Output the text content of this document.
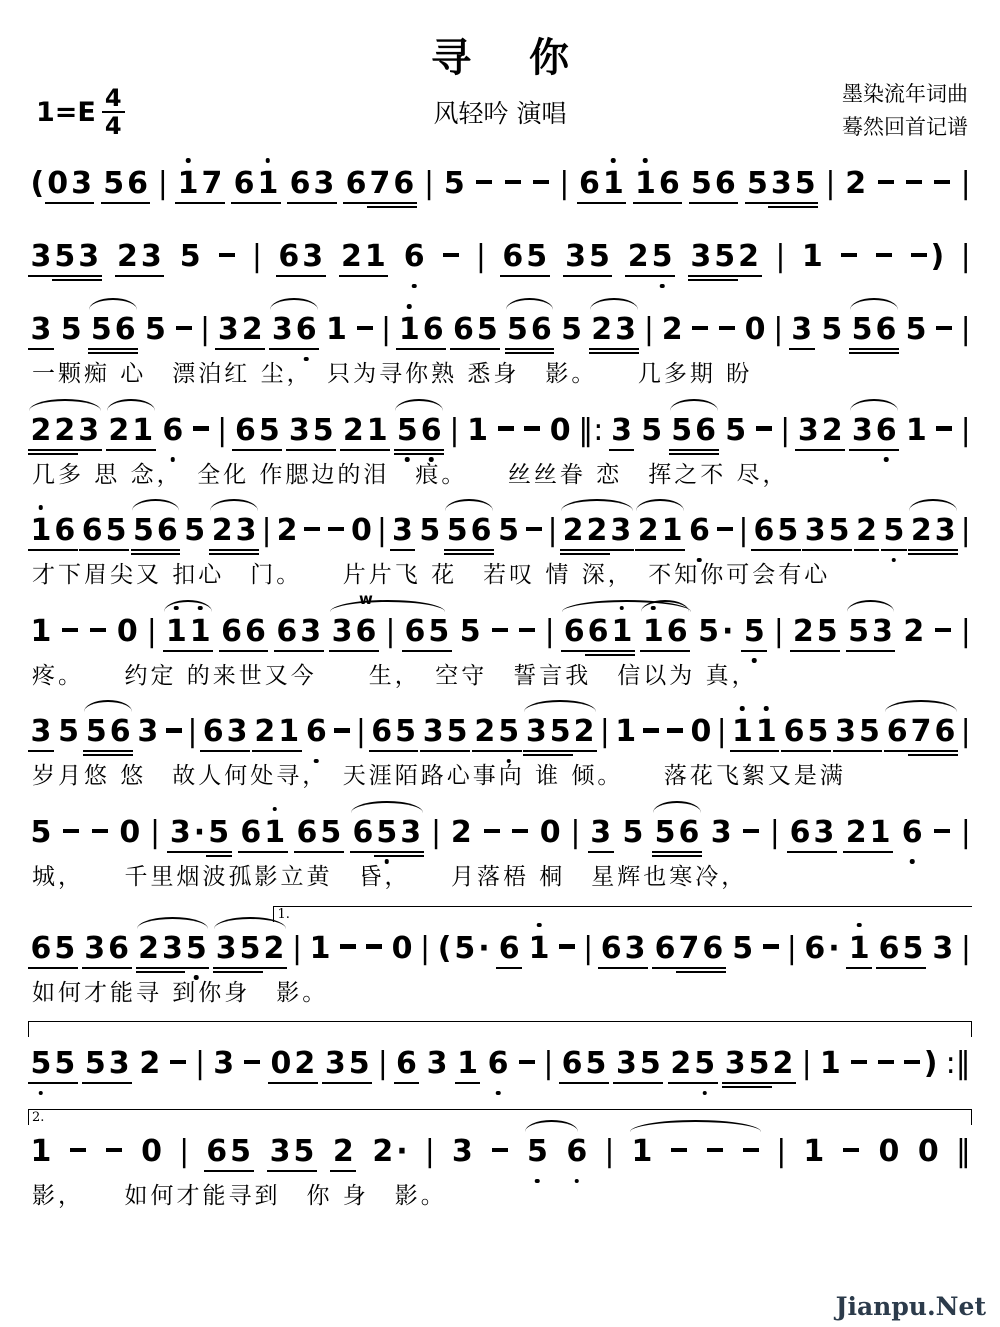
寻 你
$1=E \frac{4}{4}$	风轻吟 演唱
墨染流年词曲
蓦然回首记谱
( 0 3 5 6 | 1 7 6 1 6 3 6 7 6 | 5	| 6 1 1 6 5 6 5 3 5 | 2	|
3 5 3 2 3 5 | 6 3 2 1 6 | 6 5 3 5 2 5 3 5 2 | 1	) |
3 5 5 6 5 | 3 2 3 6 1 | 1 6 6 5 5 6 5 2 3 | 2 0 | 3 5 5 6 5 |
一颗痴 心　漂泊红 尘，　只为寻你熟 悉身　影。　　几多期 盼
2 2 3 2 1 6 | 6 5 3 5 2 1 5 6 | 1 0 ‖: 3 5 5 6 5 | 3 2 3 6 1 |
几多 思 念，　全化 作腮边的泪　痕。　　丝丝眷 恋　挥之不 尽，
1 6 6 5 5 6 5 2 3 | 2 0 | 3 5 5 6 5 | 2 2 3 2 1 6 | 6 5 3 5 2 5 2 3 |
才下眉尖又 扣心　门。　　片片飞 花　若叹 情 深，　不知你可会有心
1 0 | 1 1 6 6 6 3 3 6
w
| 6 5 5 | 6 6 1 1 6 5 · 5 | 2 5 5 3 2 |
疼。　　约定 的来世又今　　生，　空守　誓言我　信以为 真，
3 5 5 6 3 | 6 3 2 1 6 | 6 5 3 5 2 5 3 5 2 | 1 0 | 1 1 6 5 3 5 6 7 6 |
岁月悠 悠　故人何处寻，　天涯陌路心事向 谁 倾。　　落花飞絮又是满
5 0 | 3 · 5 6 1 6 5 6 5 3 | 2 0 | 3 5 5 6 3 | 6 3 2 1 6 |
城，　　千里烟波孤影立黄　昏，　　月落梧 桐　星辉也寒冷，
1.
6 5 3 6 2 3 5 3 5 2 | 1 0 | ( 5 · 6 1 | 6 3 6 7 6 5 | 6 · 1 6 5 3 |
如何才能寻 到你身　影。
5 5 5 3 2 | 3 0 2 3 5 | 6 3 1 6 | 6 5 3 5 2 5 3 5 2 | 1	) :‖
2.
1	0 | 6 5 3 5 2 2 · | 3 5 6 | 1	| 1 0 0 ‖
影，　　如何才能寻到　你 身　影。
Jianpu.Net
